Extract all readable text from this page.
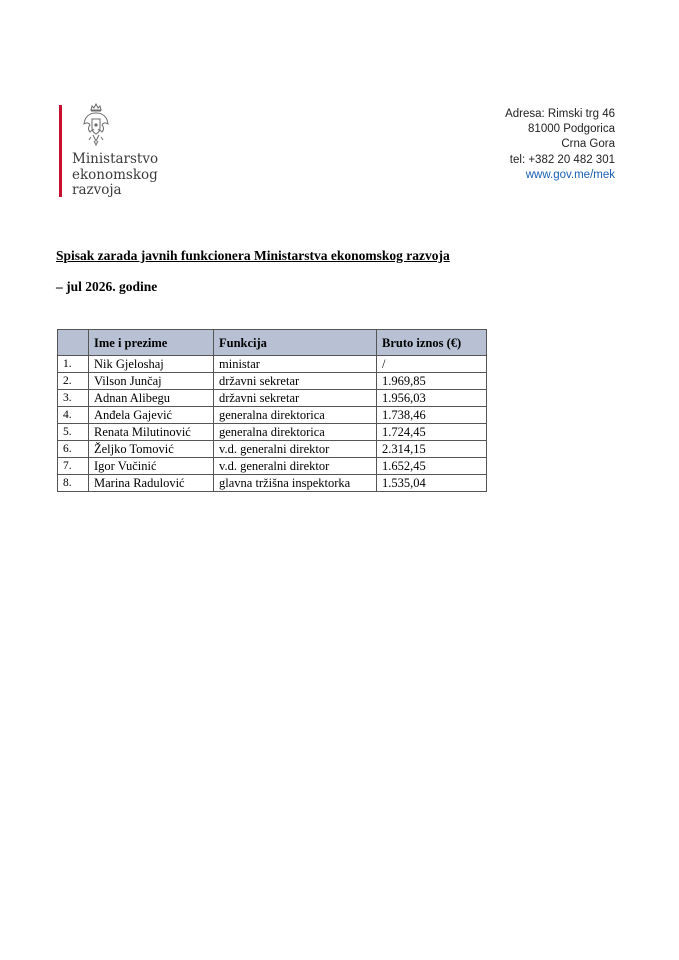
Ministarstvo
ekonomskog
razvoja
Adresa: Rimski trg 46
81000 Podgorica
Crna Gora
tel: +382 20 482 301
www.gov.me/mek
Spisak zarada javnih funkcionera Ministarstva ekonomskog razvoja
– jul 2026. godine
	Ime i prezime	Funkcija	Bruto iznos (€)
1.	Nik Gjeloshaj	ministar	/
2.	Vilson Junčaj	državni sekretar	1.969,85
3.	Adnan Alibegu	državni sekretar	1.956,03
4.	Anđela Gajević	generalna direktorica	1.738,46
5.	Renata Milutinović	generalna direktorica	1.724,45
6.	Željko Tomović	v.d. generalni direktor	2.314,15
7.	Igor Vučinić	v.d. generalni direktor	1.652,45
8.	Marina Radulović	glavna tržišna inspektorka	1.535,04
